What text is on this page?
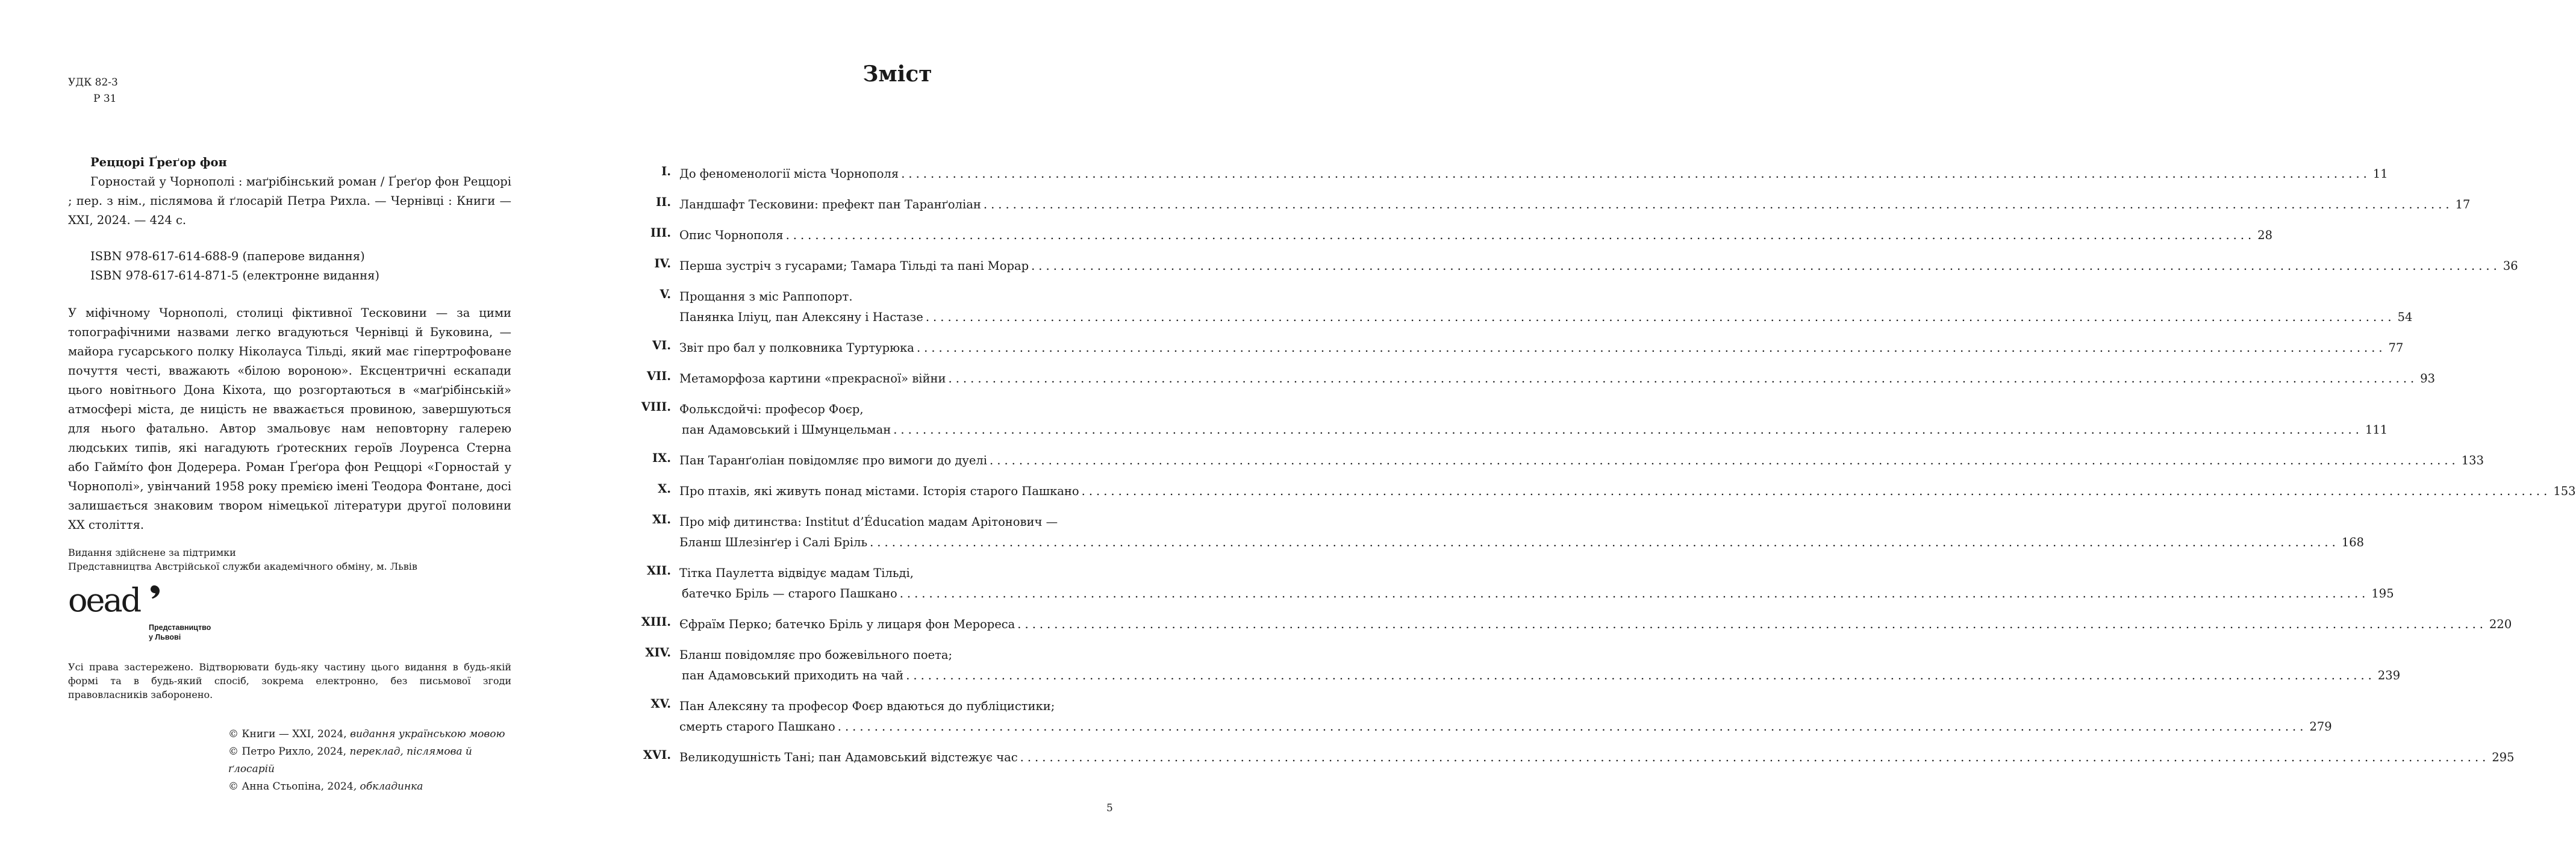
УДК 82-3
Р 31
Реццорі Ґреґор фон

Горностай у Чорнополі : маґрібінський роман / Ґреґор фон Реццорі ; пер. з нім., післямова й ґлосарій Петра Рихла. — Чернівці : Книги — ХХІ, 2024. — 424 с.

ISBN 978-617-614-688-9 (паперове видання)
ISBN 978-617-614-871-5 (електронне видання)

У міфічному Чорнополі, столиці фіктивної Тесковини — за цими топографічними назвами легко вгадуються Чернівці й Буковина, — майора гусарського полку Ніколауса Тільді, який має гіпертрофоване почуття честі, вважають «білою вороною». Ексцентричні ескапади цього новітнього Дона Кіхота, що розгортаються в «маґрібінській» атмосфері міста, де ницість не вважається провиною, завершуються для нього фатально. Автор змальовує нам неповторну галерею людських типів, які нагадують ґротескних героїв Лоуренса Стерна або Гаймíто фон Додерера. Роман Ґреґора фон Реццорі «Горностай у Чорнополі», увінчаний 1958 року премією імені Теодора Фонтане, досі залишається знаковим твором німецької літератури другої половини ХХ століття.

Видання здійснене за підтримки
Представництва Австрійської служби академічного обміну, м. Львів
oead
Представництво
у Львові

Усі права застережено. Відтворювати будь-яку частину цього видання в будь-якій формі та в будь-який спосіб, зокрема електронно, без письмової згоди правовласників заборонено.

© Книги — ХХІ, 2024, видання українською мовою
© Петро Рихло, 2024, переклад, післямова й ґлосарій
© Анна Стьопіна, 2024, обкладинка
Зміст
I. До феноменології міста Чорнополя ........................................................................................................................................................................................................ 11
II. Ландшафт Тесковини: префект пан Таранґоліан ........................................................................................................................................................................................................ 17
III. Опис Чорнополя ........................................................................................................................................................................................................ 28
IV. Перша зустріч з гусарами; Тамара Тільді та пані Морар ........................................................................................................................................................................................................ 36
V. Прощання з міс Раппопорт.
Панянка Іліуц, пан Алексяну і Настазе ........................................................................................................................................................................................................ 54
VI. Звіт про бал у полковника Туртурюка ........................................................................................................................................................................................................ 77
VII. Метаморфоза картини «прекрасної» війни ........................................................................................................................................................................................................ 93
VIII. Фольксдойчі: професор Фоєр,
пан Адамовський і Шмунцельман ........................................................................................................................................................................................................ 111
IX. Пан Таранґоліан повідомляє про вимоги до дуелі ........................................................................................................................................................................................................ 133
X. Про птахів, які живуть понад містами. Історія старого Пашкано ........................................................................................................................................................................................................ 153
XI. Про міф дитинства: Institut d’Éducation мадам Арітонович —
Бланш Шлезінґер і Салі Бріль ........................................................................................................................................................................................................ 168
XII. Тітка Паулетта відвідує мадам Тільді,
батечко Бріль — старого Пашкано ........................................................................................................................................................................................................ 195
XIII. Єфраїм Перко; батечко Бріль у лицаря фон Мерореса ........................................................................................................................................................................................................ 220
XIV. Бланш повідомляє про божевільного поета;
пан Адамовський приходить на чай ........................................................................................................................................................................................................ 239
XV. Пан Алексяну та професор Фоєр вдаються до публіцистики;
смерть старого Пашкано ........................................................................................................................................................................................................ 279
XVI. Великодушність Тані; пан Адамовський відстежує час ........................................................................................................................................................................................................ 295
5
